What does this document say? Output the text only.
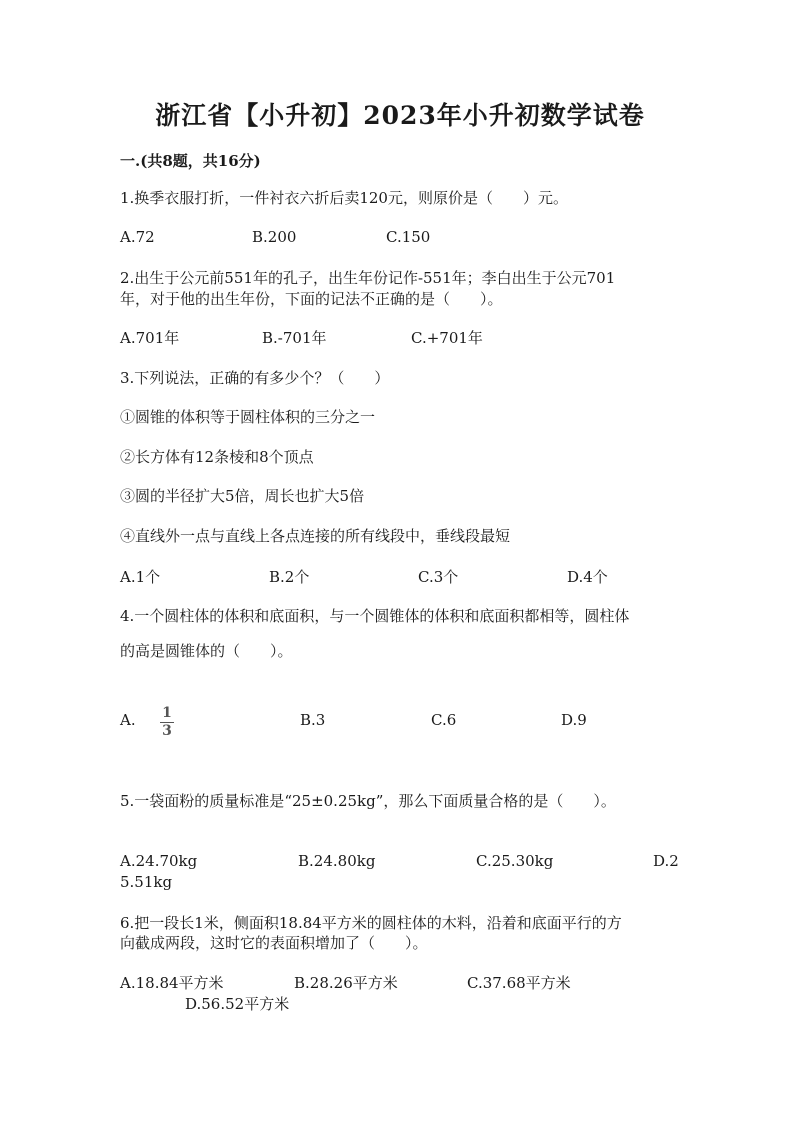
浙江省【小升初】2023年小升初数学试卷
一.(共8题，共16分)
1.换季衣服打折，一件衬衣六折后卖120元，则原价是（　　）元。
A.72	B.200	C.150
2.出生于公元前551年的孔子，出生年份记作-551年；李白出生于公元701
年，对于他的出生年份，下面的记法不正确的是（　　）。
A.701年	B.-701年	C.+701年
3.下列说法，正确的有多少个？（　　）
①圆锥的体积等于圆柱体积的三分之一
②长方体有12条棱和8个顶点
③圆的半径扩大5倍，周长也扩大5倍
④直线外一点与直线上各点连接的所有线段中，垂线段最短
A.1个	B.2个	C.3个	D.4个
4.一个圆柱体的体积和底面积，与一个圆锥体的体积和底面积都相等，圆柱体
的高是圆锥体的（　　）。
A. 1
3
B.3	C.6	D.9
5.一袋面粉的质量标准是“25±0.25kg”，那么下面质量合格的是（　　）。
A.24.70kg	B.24.80kg	C.25.30kg	D.2
5.51kg
6.把一段长1米，侧面积18.84平方米的圆柱体的木料，沿着和底面平行的方
向截成两段，这时它的表面积增加了（　　）。
A.18.84平方米	B.28.26平方米	C.37.68平方米
D.56.52平方米
